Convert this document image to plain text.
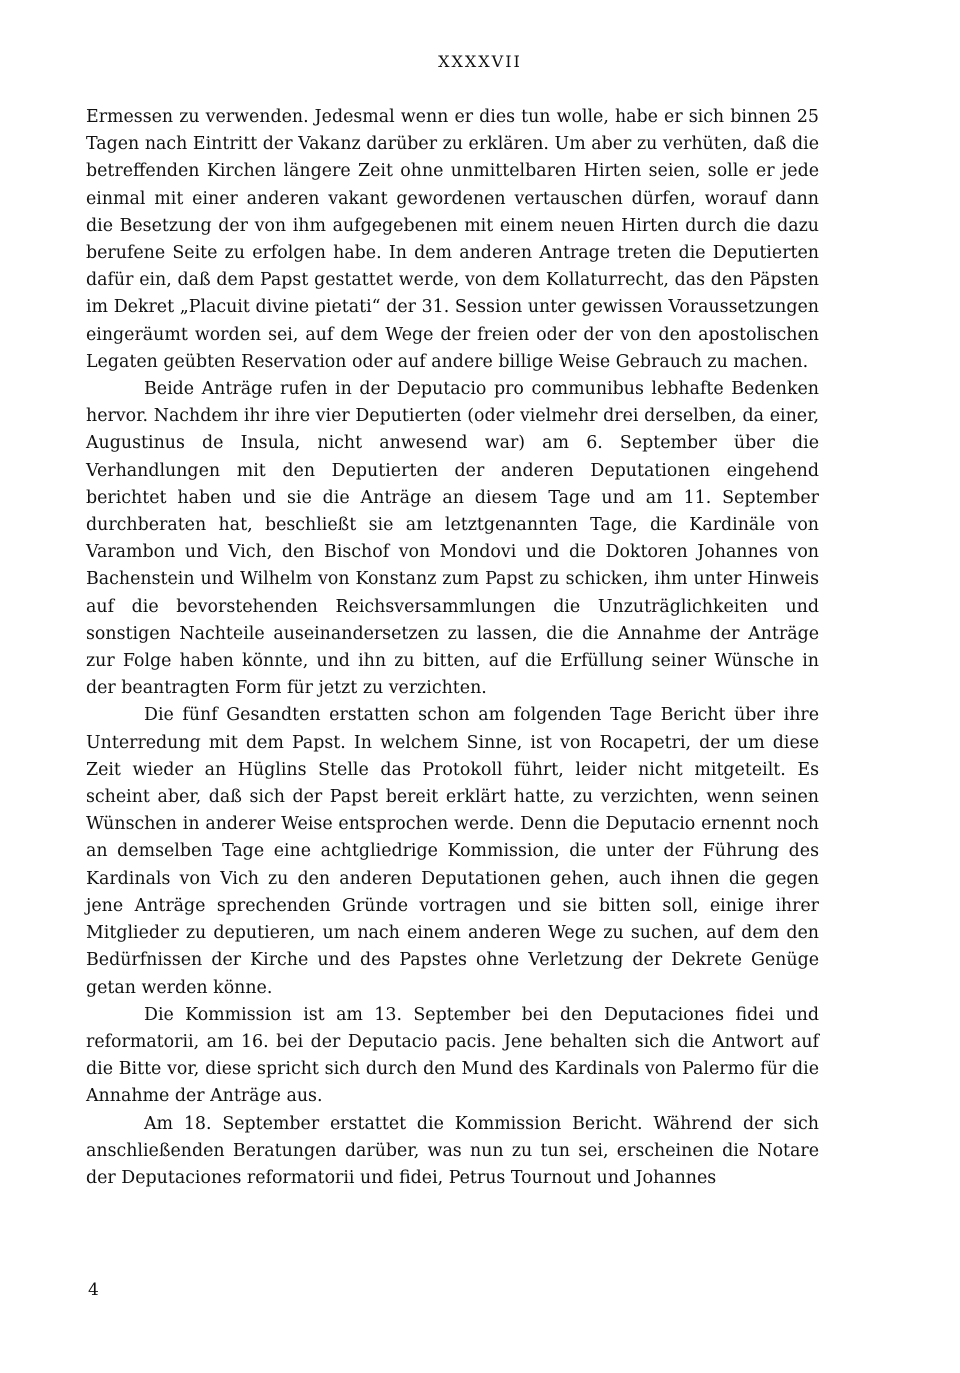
XXXXVII

Ermessen zu verwenden. Jedesmal wenn er dies tun wolle, habe er sich binnen 25 Tagen nach Eintritt der Vakanz darüber zu erklären. Um aber zu verhüten, daß die betreffenden Kirchen längere Zeit ohne unmittelbaren Hirten seien, solle er jede einmal mit einer anderen vakant gewordenen vertauschen dürfen, worauf dann die Besetzung der von ihm aufgegebenen mit einem neuen Hirten durch die dazu berufene Seite zu erfolgen habe. In dem anderen Antrage treten die Deputierten dafür ein, daß dem Papst gestattet werde, von dem Kollaturrecht, das den Päpsten im Dekret „Placuit divine pietati“ der 31. Session unter gewissen Voraussetzungen eingeräumt worden sei, auf dem Wege der freien oder der von den apostolischen Legaten geübten Reservation oder auf andere billige Weise Gebrauch zu machen.

Beide Anträge rufen in der Deputacio pro communibus lebhafte Bedenken hervor. Nachdem ihr ihre vier Deputierten (oder vielmehr drei derselben, da einer, Augustinus de Insula, nicht anwesend war) am 6. September über die Verhandlungen mit den Deputierten der anderen Deputationen eingehend berichtet haben und sie die Anträge an diesem Tage und am 11. September durchberaten hat, beschließt sie am letztgenannten Tage, die Kardinäle von Varambon und Vich, den Bischof von Mondovi und die Doktoren Johannes von Bachenstein und Wilhelm von Konstanz zum Papst zu schicken, ihm unter Hinweis auf die bevorstehenden Reichsversammlungen die Unzuträglichkeiten und sonstigen Nachteile auseinandersetzen zu lassen, die die Annahme der Anträge zur Folge haben könnte, und ihn zu bitten, auf die Erfüllung seiner Wünsche in der beantragten Form für jetzt zu verzichten.

Die fünf Gesandten erstatten schon am folgenden Tage Bericht über ihre Unterredung mit dem Papst. In welchem Sinne, ist von Rocapetri, der um diese Zeit wieder an Hüglins Stelle das Protokoll führt, leider nicht mitgeteilt. Es scheint aber, daß sich der Papst bereit erklärt hatte, zu verzichten, wenn seinen Wünschen in anderer Weise entsprochen werde. Denn die Deputacio ernennt noch an demselben Tage eine achtgliedrige Kommission, die unter der Führung des Kardinals von Vich zu den anderen Deputationen gehen, auch ihnen die gegen jene Anträge sprechenden Gründe vortragen und sie bitten soll, einige ihrer Mitglieder zu deputieren, um nach einem anderen Wege zu suchen, auf dem den Bedürfnissen der Kirche und des Papstes ohne Verletzung der Dekrete Genüge getan werden könne.

Die Kommission ist am 13. September bei den Deputaciones fidei und reformatorii, am 16. bei der Deputacio pacis. Jene behalten sich die Antwort auf die Bitte vor, diese spricht sich durch den Mund des Kardinals von Palermo für die Annahme der Anträge aus.

Am 18. September erstattet die Kommission Bericht. Während der sich anschließenden Beratungen darüber, was nun zu tun sei, erscheinen die Notare der Deputaciones reformatorii und fidei, Petrus Tournout und Johannes

4
